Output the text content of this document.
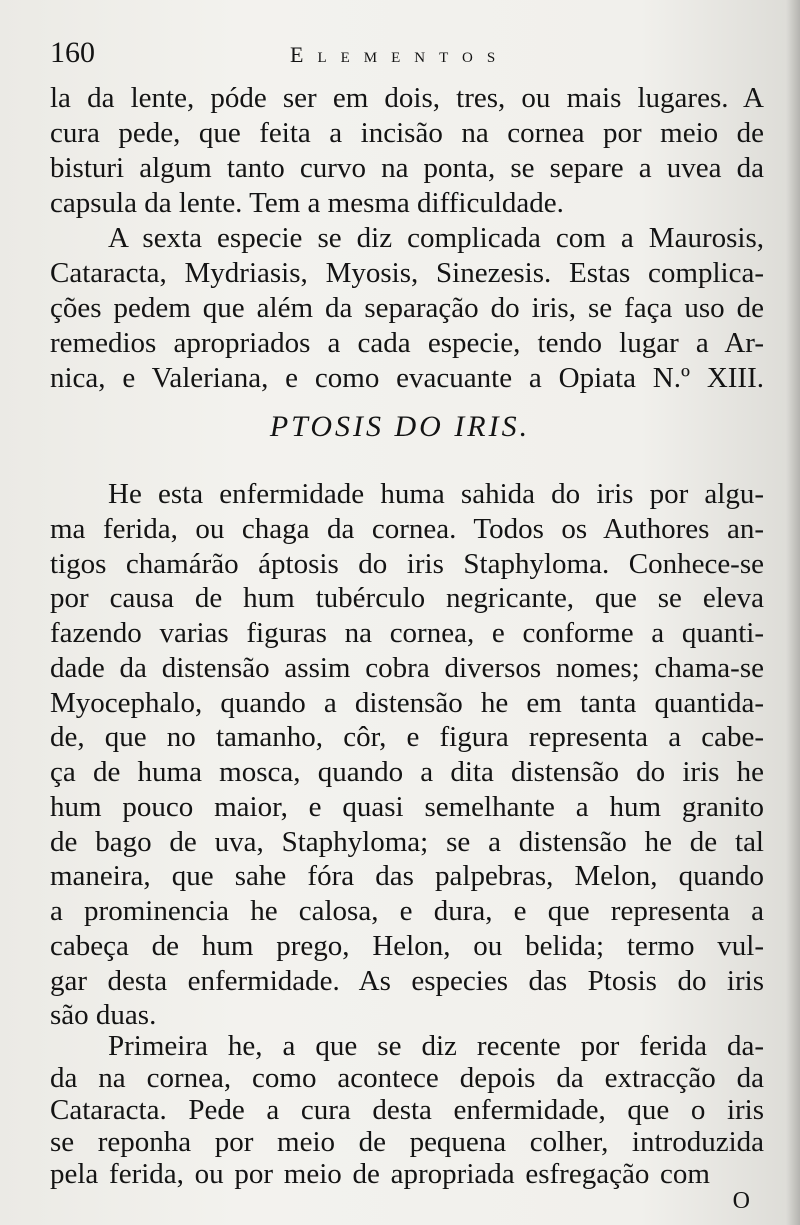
160	Elementos
la da lente, póde ser em dois, tres, ou mais lugares. A
cura pede, que feita a incisão na cornea por meio de
bisturi algum tanto curvo na ponta, se separe a uvea da
capsula da lente. Tem a mesma difficuldade.
A sexta especie se diz complicada com a Maurosis,
Cataracta, Mydriasis, Myosis, Sinezesis. Estas complica-
ções pedem que além da separação do iris, se faça uso de
remedios apropriados a cada especie, tendo lugar a Ar-
nica, e Valeriana, e como evacuante a Opiata N.º XIII.
PTOSIS DO IRIS.
He esta enfermidade huma sahida do iris por algu-
ma ferida, ou chaga da cornea. Todos os Authores an-
tigos chamárão áptosis do iris Staphyloma. Conhece-se
por causa de hum tubérculo negricante, que se eleva
fazendo varias figuras na cornea, e conforme a quanti-
dade da distensão assim cobra diversos nomes; chama-se
Myocephalo, quando a distensão he em tanta quantida-
de, que no tamanho, côr, e figura representa a cabe-
ça de huma mosca, quando a dita distensão do iris he
hum pouco maior, e quasi semelhante a hum granito
de bago de uva, Staphyloma; se a distensão he de tal
maneira, que sahe fóra das palpebras, Melon, quando
a prominencia he calosa, e dura, e que representa a
cabeça de hum prego, Helon, ou belida; termo vul-
gar desta enfermidade. As especies das Ptosis do iris
são duas.
Primeira he, a que se diz recente por ferida da-
da na cornea, como acontece depois da extracção da
Cataracta. Pede a cura desta enfermidade, que o iris
se reponha por meio de pequena colher, introduzida
pela ferida, ou por meio de apropriada esfregação com
O
